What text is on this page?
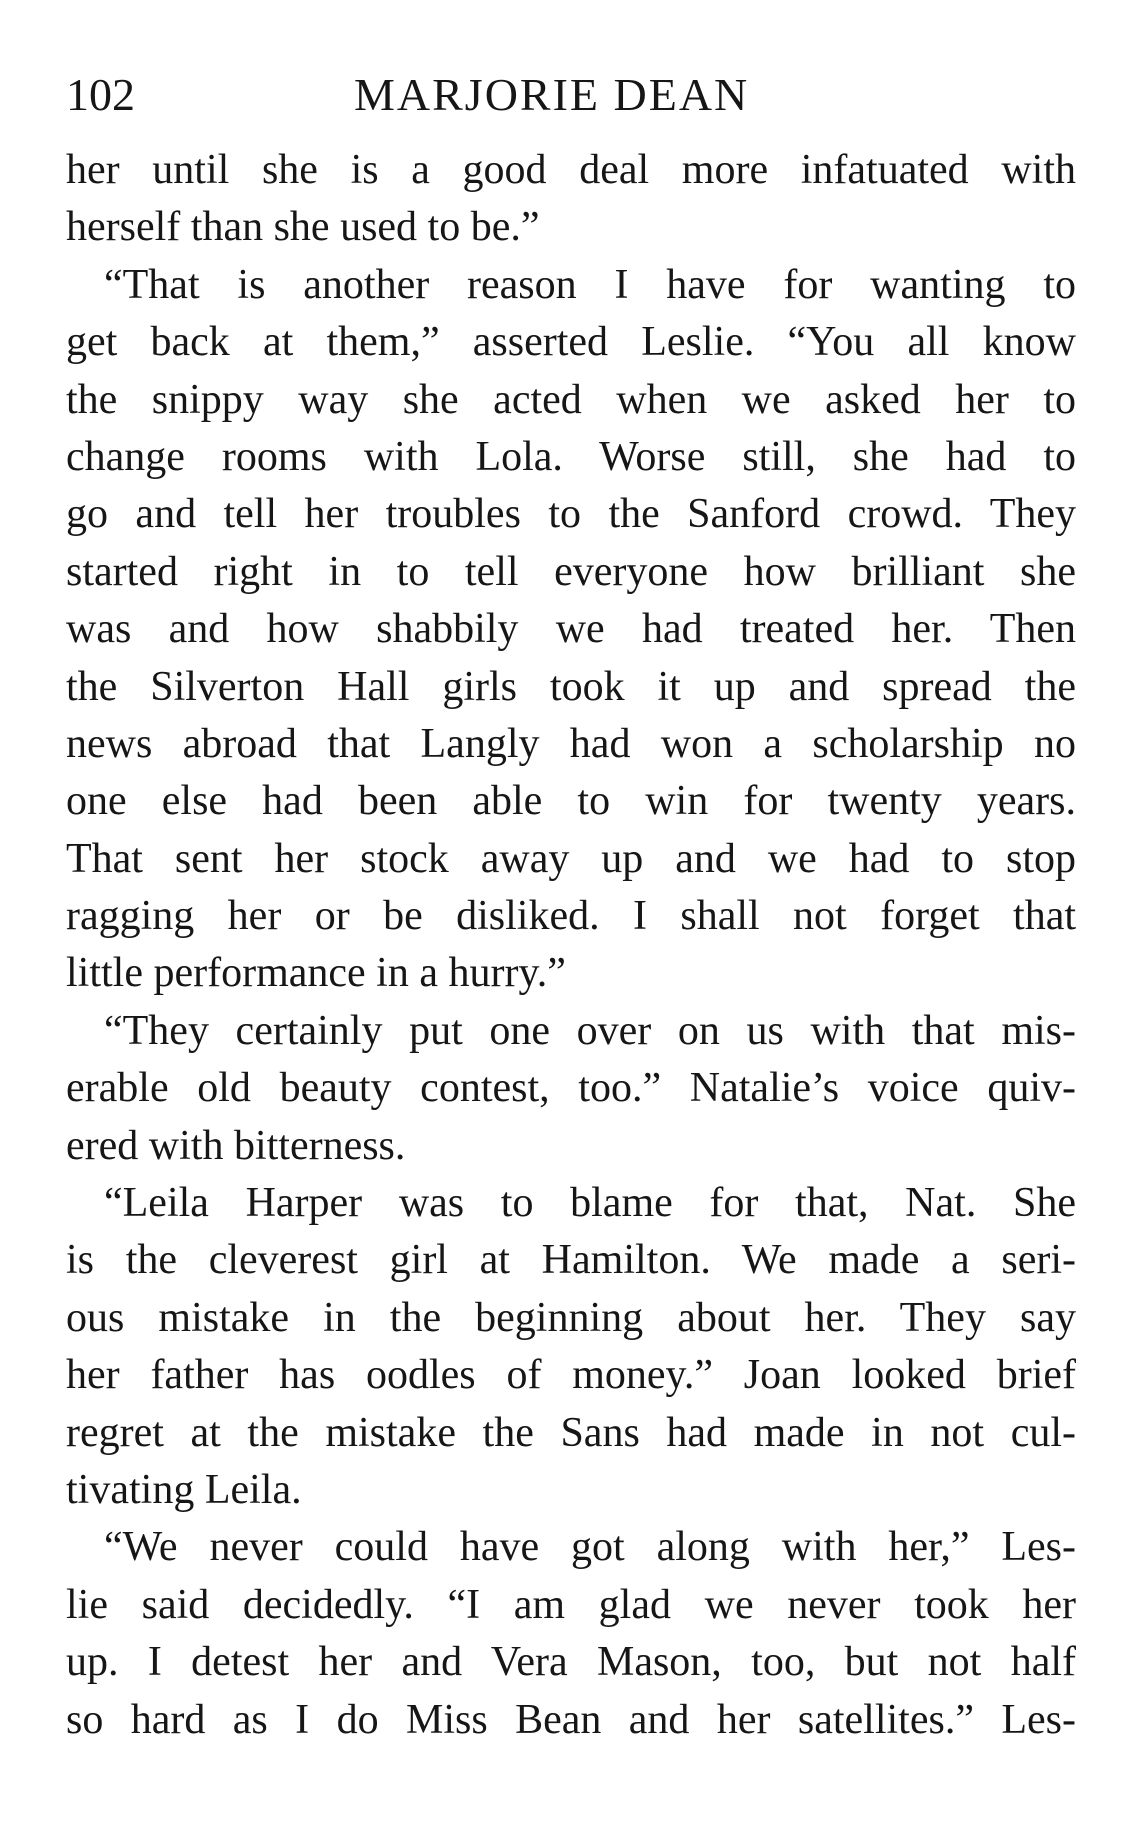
102	MARJORIE DEAN
her until she is a good deal more infatuated with
herself than she used to be.”
“That is another reason I have for wanting to
get back at them,” asserted Leslie. “You all know
the snippy way she acted when we asked her to
change rooms with Lola. Worse still, she had to
go and tell her troubles to the Sanford crowd. They
started right in to tell everyone how brilliant she
was and how shabbily we had treated her. Then
the Silverton Hall girls took it up and spread the
news abroad that Langly had won a scholarship no
one else had been able to win for twenty years.
That sent her stock away up and we had to stop
ragging her or be disliked. I shall not forget that
little performance in a hurry.”
“They certainly put one over on us with that mis-
erable old beauty contest, too.” Natalie’s voice quiv-
ered with bitterness.
“Leila Harper was to blame for that, Nat. She
is the cleverest girl at Hamilton. We made a seri-
ous mistake in the beginning about her. They say
her father has oodles of money.” Joan looked brief
regret at the mistake the Sans had made in not cul-
tivating Leila.
“We never could have got along with her,” Les-
lie said decidedly. “I am glad we never took her
up. I detest her and Vera Mason, too, but not half
so hard as I do Miss Bean and her satellites.” Les-
